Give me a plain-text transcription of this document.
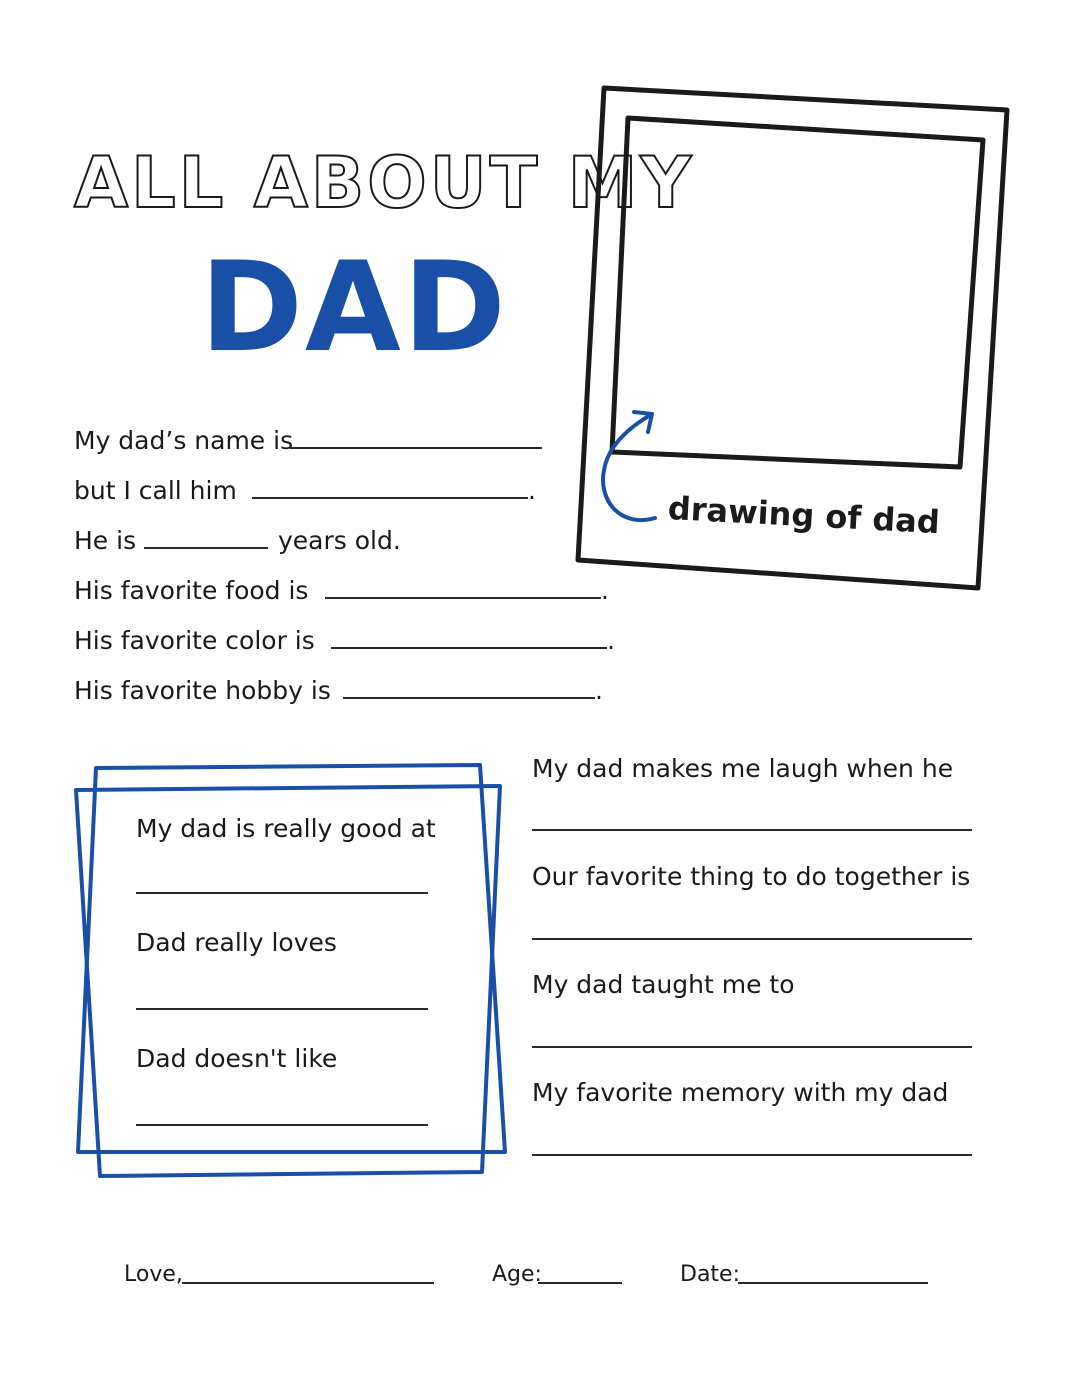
ALL ABOUT MY
DAD
drawing of dad
My dad’s name is
but I call him	.
He is	years old.
His favorite food is	.
His favorite color is	.
His favorite hobby is	.
My dad is really good at
Dad really loves
Dad doesn't like
My dad makes me laugh when he
Our favorite thing to do together is
My dad taught me to
My favorite memory with my dad
Love,	Age:	Date:
